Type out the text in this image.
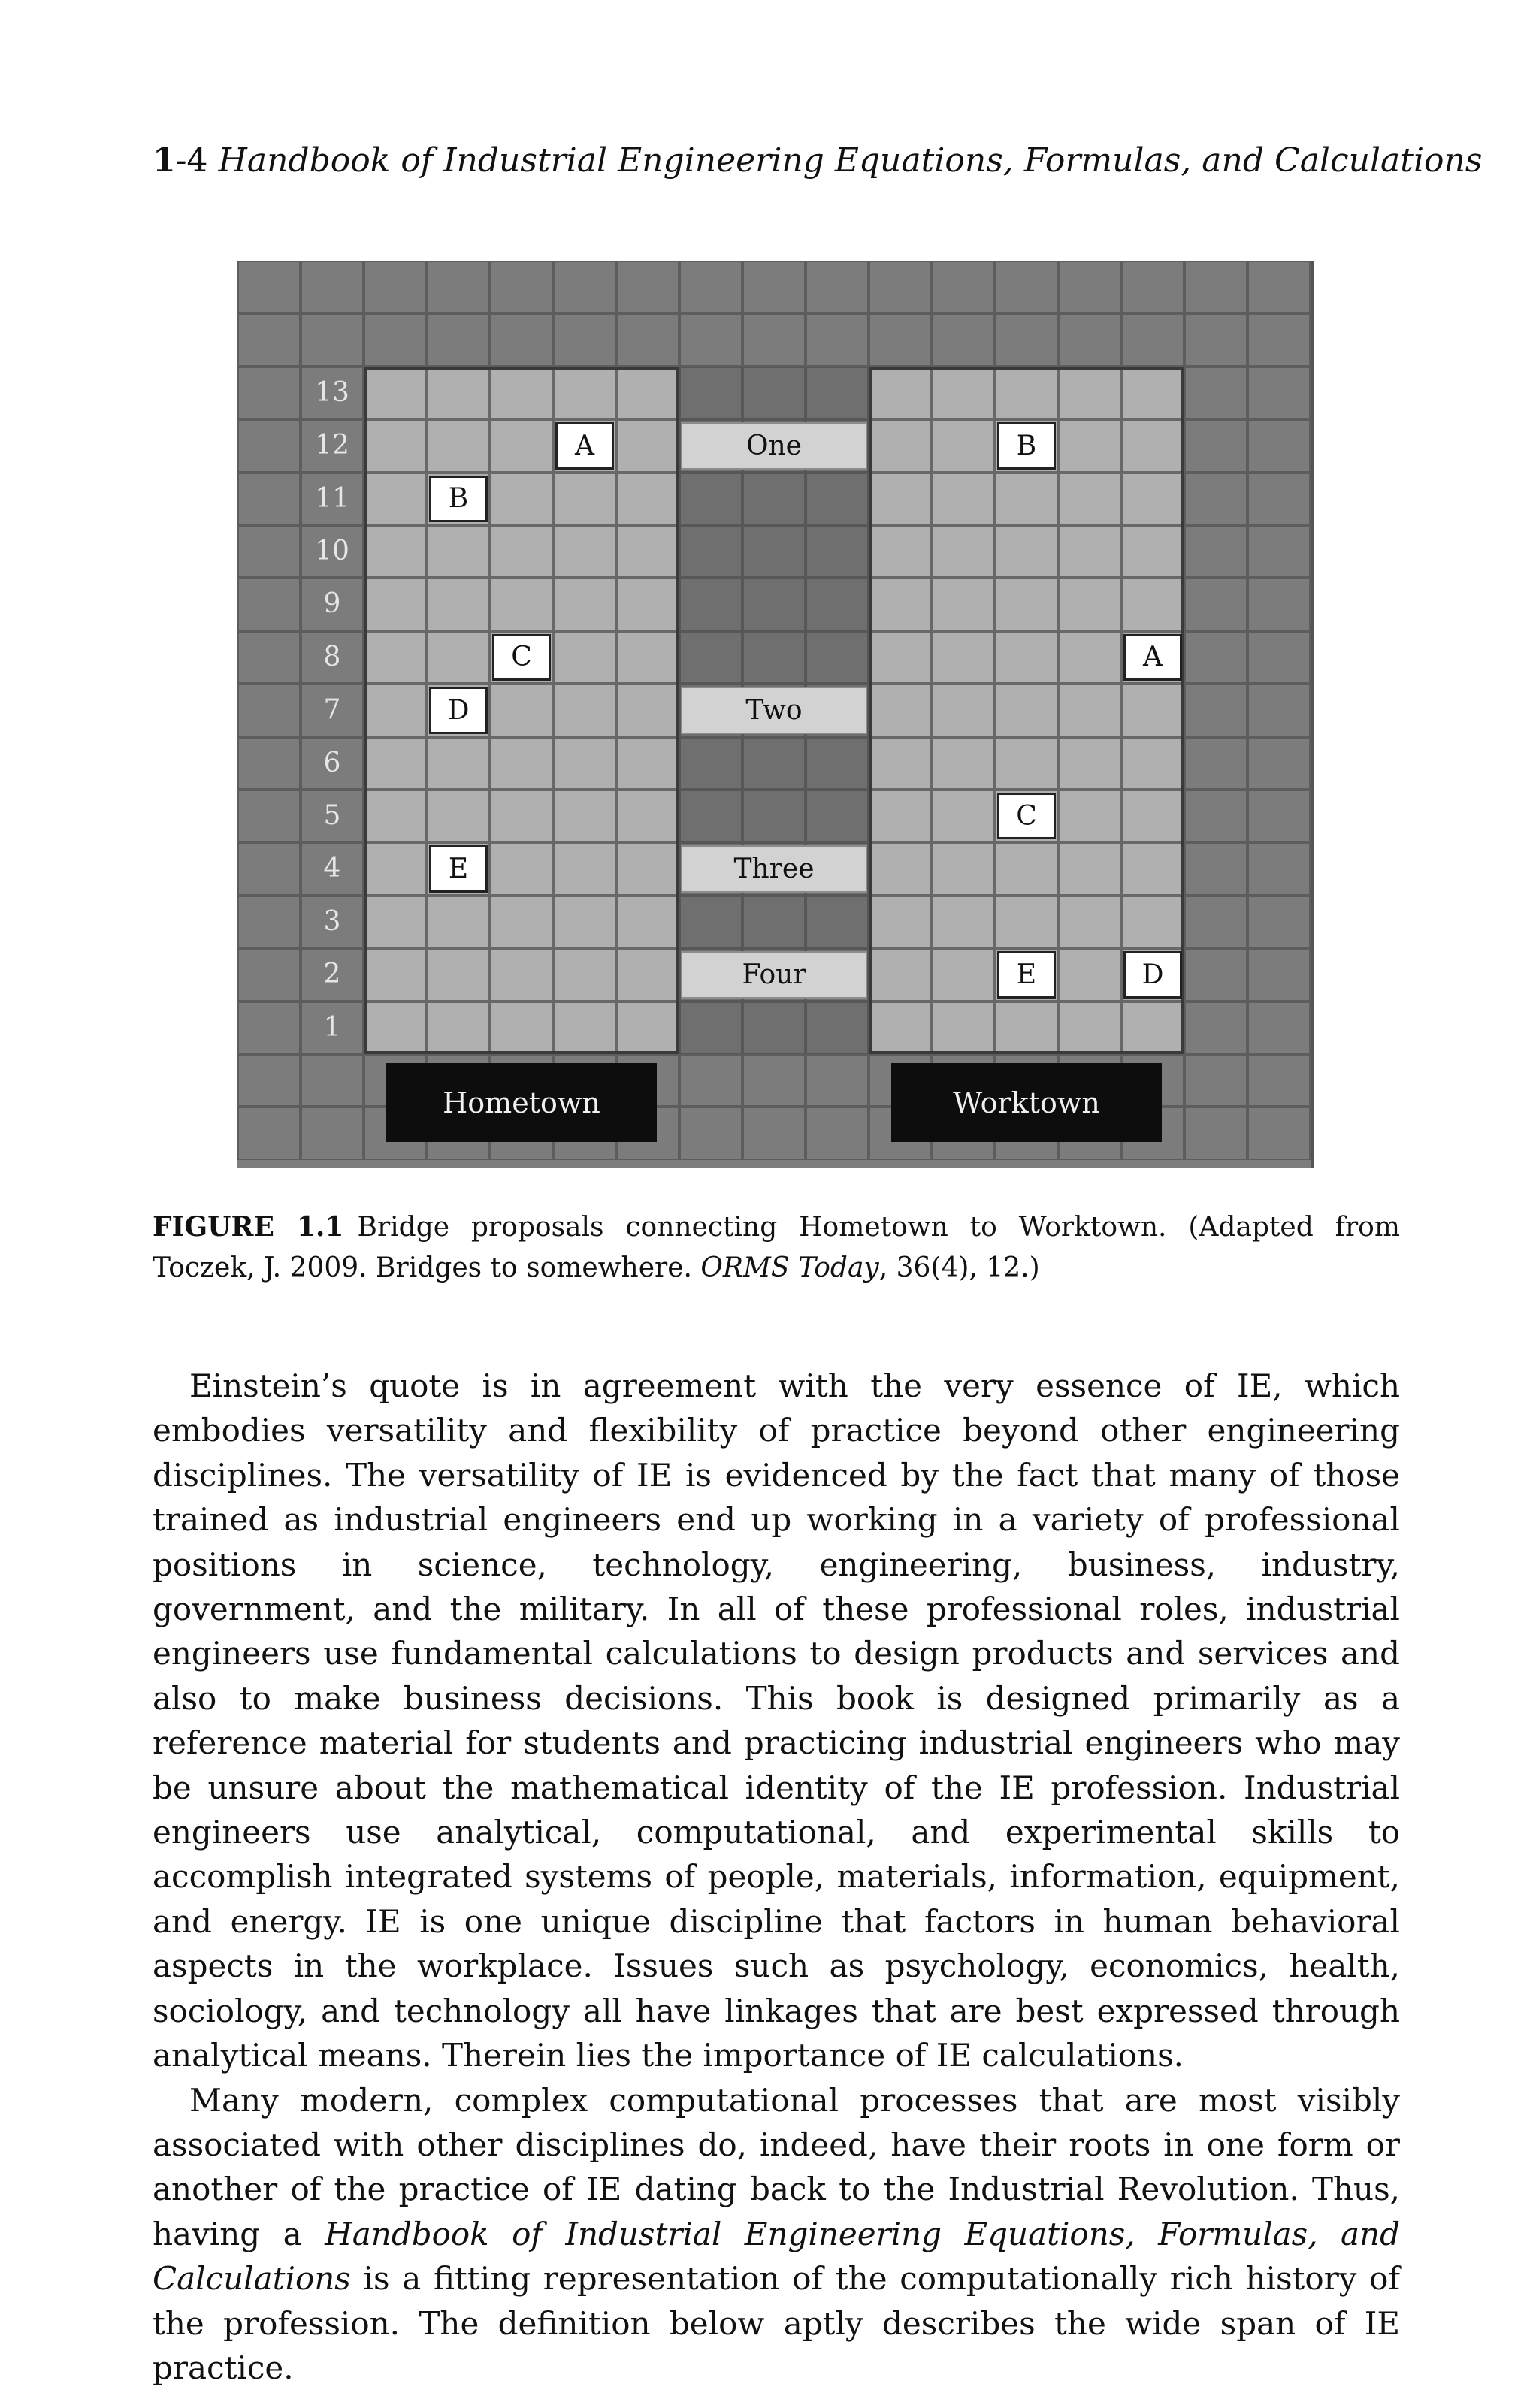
1-4 Handbook of Industrial Engineering Equations, Formulas, and Calculations
13
12
11
10
9
8
7
6
5
4
3
2
1
A
B
C
D
E
B
A
C
E	D
One
Two
Three
Four
Hometown	Worktown
FIGURE 1.1 Bridge proposals connecting Hometown to Worktown. (Adapted from Toczek, J. 2009. Bridges to somewhere. ORMS Today, 36(4), 12.)

Einstein’s quote is in agreement with the very essence of IE, which embodies versatility and flexibility of practice beyond other engineering disciplines. The versatility of IE is evidenced by the fact that many of those trained as industrial engineers end up working in a variety of professional positions in science, technology, engineering, business, industry, government, and the military. In all of these professional roles, industrial engineers use fundamental calculations to design products and services and also to make business decisions. This book is designed primarily as a reference material for students and practicing industrial engineers who may be unsure about the mathematical identity of the IE profession. Industrial engineers use analytical, computational, and experimental skills to accomplish integrated systems of people, materials, information, equipment, and energy. IE is one unique discipline that factors in human behavioral aspects in the workplace. Issues such as psychology, economics, health, sociology, and technology all have linkages that are best expressed through analytical means. Therein lies the importance of IE calculations.

Many modern, complex computational processes that are most visibly associated with other disciplines do, indeed, have their roots in one form or another of the practice of IE dating back to the Industrial Revolution. Thus, having a Handbook of Industrial Engineering Equations, Formulas, and Calculations is a fitting representation of the computationally rich history of the profession. The definition below aptly describes the wide span of IE practice.
